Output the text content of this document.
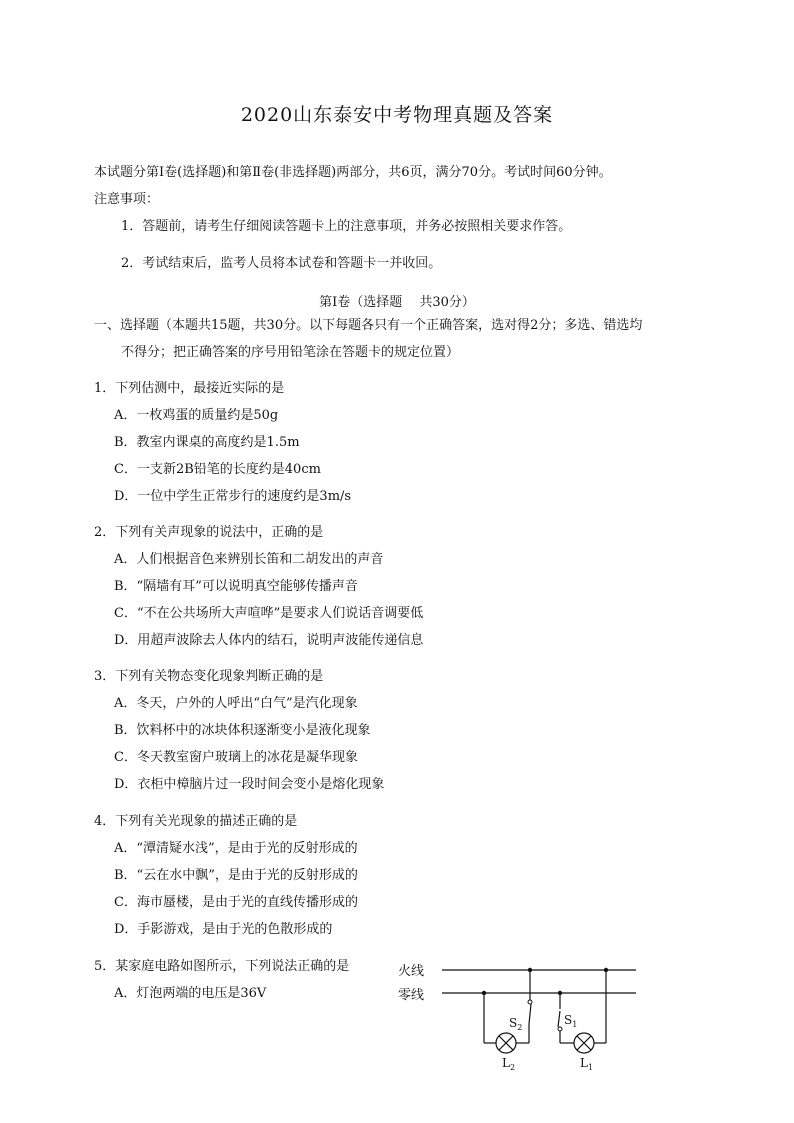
2020山东泰安中考物理真题及答案
本试题分第Ⅰ卷(选择题)和第Ⅱ卷(非选择题)两部分，共6页，满分70分。考试时间60分钟。
注意事项：
1．答题前，请考生仔细阅读答题卡上的注意事项，并务必按照相关要求作答。
2．考试结束后，监考人员将本试卷和答题卡一并收回。
第Ⅰ卷（选择题　 共30分）
一、选择题（本题共15题，共30分。以下每题各只有一个正确答案，选对得2分；多选、错选均
不得分；把正确答案的序号用铅笔涂在答题卡的规定位置）
1．下列估测中，最接近实际的是
A．一枚鸡蛋的质量约是50g
B．教室内课桌的高度约是1.5m
C．一支新2B铅笔的长度约是40cm
D．一位中学生正常步行的速度约是3m/s
2．下列有关声现象的说法中，正确的是
A．人们根据音色来辨别长笛和二胡发出的声音
B．“隔墙有耳”可以说明真空能够传播声音
C．“不在公共场所大声喧哗”是要求人们说话音调要低
D．用超声波除去人体内的结石，说明声波能传递信息
3．下列有关物态变化现象判断正确的是
A．冬天，户外的人呼出“白气”是汽化现象
B．饮料杯中的冰块体积逐渐变小是液化现象
C．冬天教室窗户玻璃上的冰花是凝华现象
D．衣柜中樟脑片过一段时间会变小是熔化现象
4．下列有关光现象的描述正确的是
A．“潭清疑水浅”，是由于光的反射形成的
B．“云在水中飘”，是由于光的反射形成的
C．海市蜃楼，是由于光的直线传播形成的
D．手影游戏，是由于光的色散形成的
5．某家庭电路如图所示，下列说法正确的是
A．灯泡两端的电压是36V
火线
零线
$S_2$
$S_1$
$L_2$	$L_1$
